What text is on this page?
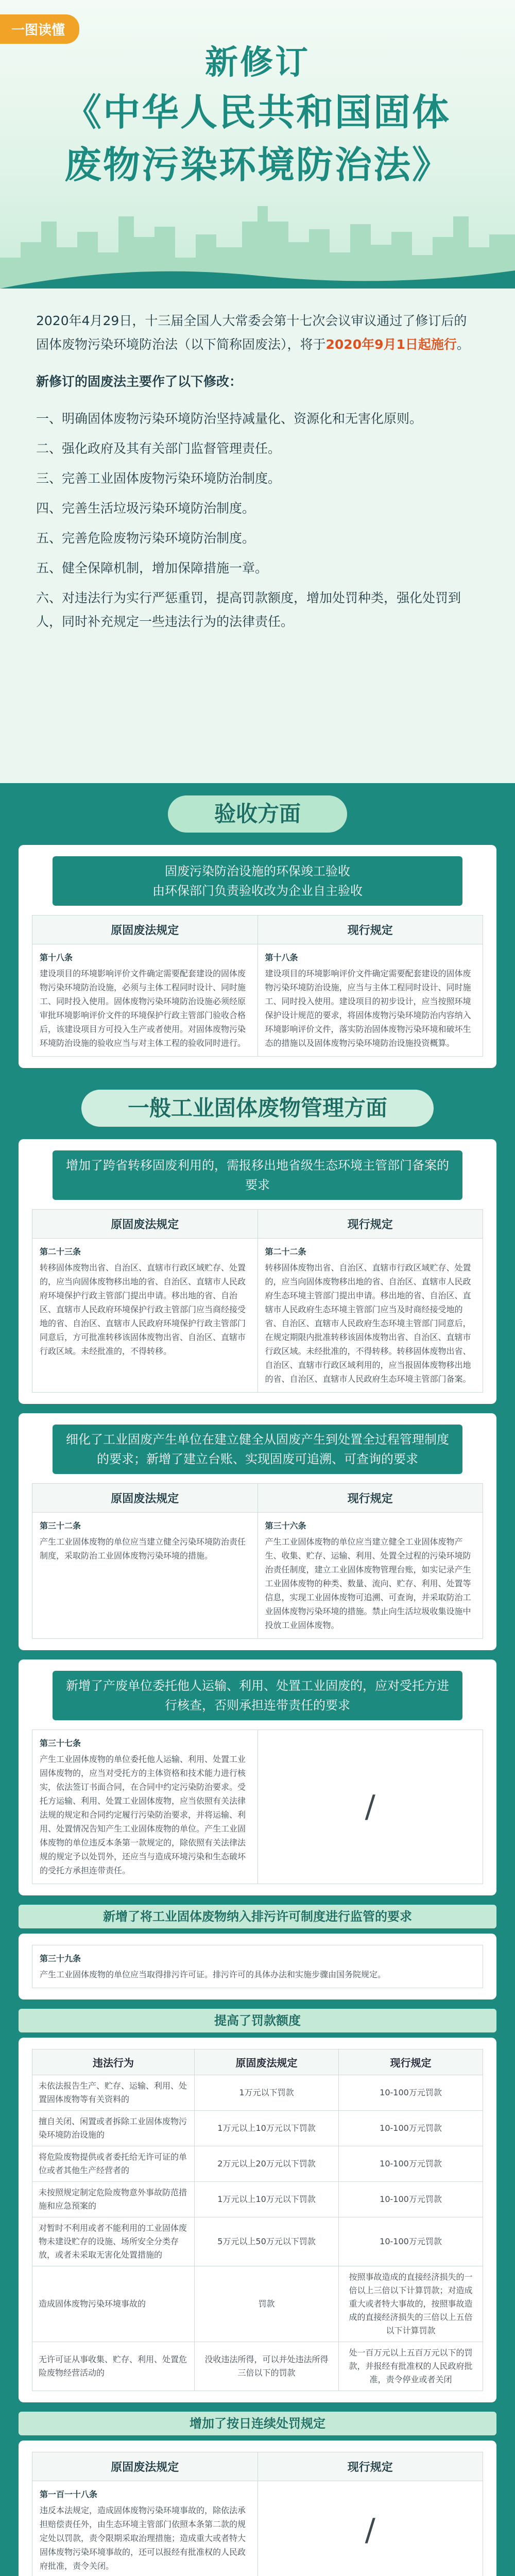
一图读懂
新修订
《中华人民共和国固体
废物污染环境防治法》

2020年4月29日，十三届全国人大常委会第十七次会议审议通过了修订后的固体废物污染环境防治法（以下简称固废法），将于2020年9月1日起施行。

新修订的固废法主要作了以下修改：

一、明确固体废物污染环境防治坚持减量化、资源化和无害化原则。
二、强化政府及其有关部门监督管理责任。
三、完善工业固体废物污染环境防治制度。
四、完善生活垃圾污染环境防治制度。
五、完善危险废物污染环境防治制度。
五、健全保障机制，增加保障措施一章。
六、对违法行为实行严惩重罚，提高罚款额度，增加处罚种类，强化处罚到人，同时补充规定一些违法行为的法律责任。
验收方面
固废污染防治设施的环保竣工验收
由环保部门负责验收改为企业自主验收
原固废法规定	现行规定

第十八条
建设项目的环境影响评价文件确定需要配套建设的固体废物污染环境防治设施，必须与主体工程同时设计、同时施工、同时投入使用。固体废物污染环境防治设施必须经原审批环境影响评价文件的环境保护行政主管部门验收合格后，该建设项目方可投入生产或者使用。对固体废物污染环境防治设施的验收应当与对主体工程的验收同时进行。	第十八条
建设项目的环境影响评价文件确定需要配套建设的固体废物污染环境防治设施，应当与主体工程同时设计、同时施工、同时投入使用。建设项目的初步设计，应当按照环境保护设计规范的要求，将固体废物污染环境防治内容纳入环境影响评价文件，落实防治固体废物污染环境和破坏生态的措施以及固体废物污染环境防治设施投资概算。
一般工业固体废物管理方面
增加了跨省转移固废利用的，需报移出地省级生态环境主管部门备案的要求
原固废法规定	现行规定

第二十三条
转移固体废物出省、自治区、直辖市行政区域贮存、处置的，应当向固体废物移出地的省、自治区、直辖市人民政府环境保护行政主管部门提出申请。移出地的省、自治区、直辖市人民政府环境保护行政主管部门应当商经接受地的省、自治区、直辖市人民政府环境保护行政主管部门同意后，方可批准转移该固体废物出省、自治区、直辖市行政区域。未经批准的，不得转移。	第二十二条
转移固体废物出省、自治区、直辖市行政区域贮存、处置的，应当向固体废物移出地的省、自治区、直辖市人民政府生态环境主管部门提出申请。移出地的省、自治区、直辖市人民政府生态环境主管部门应当及时商经接受地的省、自治区、直辖市人民政府生态环境主管部门同意后，在规定期限内批准转移该固体废物出省、自治区、直辖市行政区域。未经批准的，不得转移。转移固体废物出省、自治区、直辖市行政区域利用的，应当报固体废物移出地的省、自治区、直辖市人民政府生态环境主管部门备案。
细化了工业固废产生单位在建立健全从固废产生到处置全过程管理制度的要求；新增了建立台账、实现固废可追溯、可查询的要求
原固废法规定	现行规定

第三十二条
产生工业固体废物的单位应当建立健全污染环境防治责任制度，采取防治工业固体废物污染环境的措施。	第三十六条
产生工业固体废物的单位应当建立健全工业固体废物产生、收集、贮存、运输、利用、处置全过程的污染环境防治责任制度，建立工业固体废物管理台账，如实记录产生工业固体废物的种类、数量、流向、贮存、利用、处置等信息，实现工业固体废物可追溯、可查询，并采取防治工业固体废物污染环境的措施。禁止向生活垃圾收集设施中投放工业固体废物。
新增了产废单位委托他人运输、利用、处置工业固废的，应对受托方进行核查，否则承担连带责任的要求
第三十七条
产生工业固体废物的单位委托他人运输、利用、处置工业固体废物的，应当对受托方的主体资格和技术能力进行核实，依法签订书面合同，在合同中约定污染防治要求。受托方运输、利用、处置工业固体废物，应当依照有关法律法规的规定和合同约定履行污染防治要求，并将运输、利用、处置情况告知产生工业固体废物的单位。产生工业固体废物的单位违反本条第一款规定的，除依照有关法律法规的规定予以处罚外，还应当与造成环境污染和生态破坏的受托方承担连带责任。	/
新增了将工业固体废物纳入排污许可制度进行监管的要求
第三十九条
产生工业固体废物的单位应当取得排污许可证。排污许可的具体办法和实施步骤由国务院规定。
提高了罚款额度
违法行为	原固废法规定	现行规定
未依法报告生产、贮存、运输、利用、处置固体废物等有关资料的	1万元以下罚款	10-100万元罚款
擅自关闭、闲置或者拆除工业固体废物污染环境防治设施的	1万元以上10万元以下罚款	10-100万元罚款
将危险废物提供或者委托给无许可证的单位或者其他生产经营者的	2万元以上20万元以下罚款	10-100万元罚款
未按照规定制定危险废物意外事故防范措施和应急预案的	1万元以上10万元以下罚款	10-100万元罚款
对暂时不利用或者不能利用的工业固体废物未建设贮存的设施、场所安全分类存放，或者未采取无害化处置措施的	5万元以上50万元以下罚款	10-100万元罚款
造成固体废物污染环境事故的	罚款	按照事故造成的直接经济损失的一倍以上三倍以下计算罚款；对造成重大或者特大事故的，按照事故造成的直接经济损失的三倍以上五倍以下计算罚款
无许可证从事收集、贮存、利用、处置危险废物经营活动的	没收违法所得，可以并处违法所得三倍以下的罚款	处一百万元以上五百万元以下的罚款，并报经有批准权的人民政府批准，责令停业或者关闭
增加了按日连续处罚规定
原固废法规定	现行规定

第一百一十八条
违反本法规定，造成固体废物污染环境事故的，除依法承担赔偿责任外，由生态环境主管部门依照本条第二款的规定处以罚款，责令限期采取治理措施；造成重大或者特大固体废物污染环境事故的，还可以报经有批准权的人民政府批准，责令关闭。	/
